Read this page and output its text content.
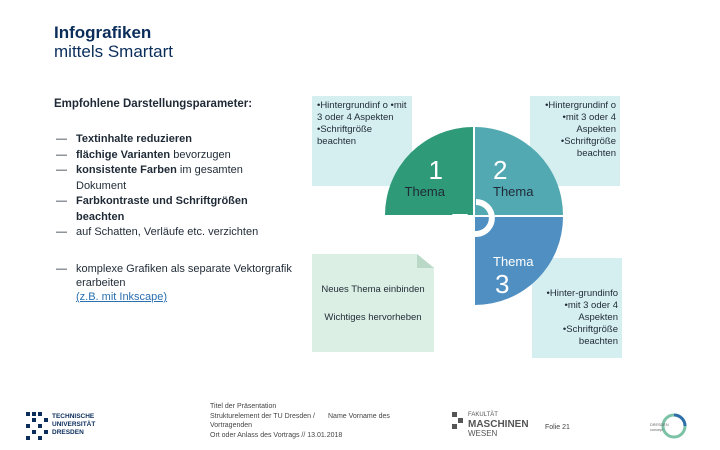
Infografiken
mittels Smartart
Empfohlene Darstellungsparameter:
— Textinhalte reduzieren
— flächige Varianten bevorzugen
— konsistente Farben im gesamten Dokument
— Farbkontraste und Schriftgrößen beachten
— auf Schatten, Verläufe etc. verzichten
— komplexe Grafiken als separate Vektorgrafik erarbeiten
(z.B. mit Inkscape)
•Hintergrundinf o •mit 3 oder 4 Aspekten •Schriftgröße beachten
•Hintergrundinf o •mit 3 oder 4 Aspekten •Schriftgröße beachten
•Hinter-grundinfo •mit 3 oder 4 Aspekten •Schriftgröße beachten
Neues Thema einbinden
Wichtiges hervorheben
1
Thema
2
Thema
Thema
3
TECHNISCHE
UNIVERSITÄT
DRESDEN
Titel der Präsentation
Strukturelement der TU Dresden / Name Vorname des
Vortragenden
Ort oder Anlass des Vortrags // 13.01.2018
FAKULTÄT
MASCHINEN
WESEN
Folie 21	DRESDEN
concept
